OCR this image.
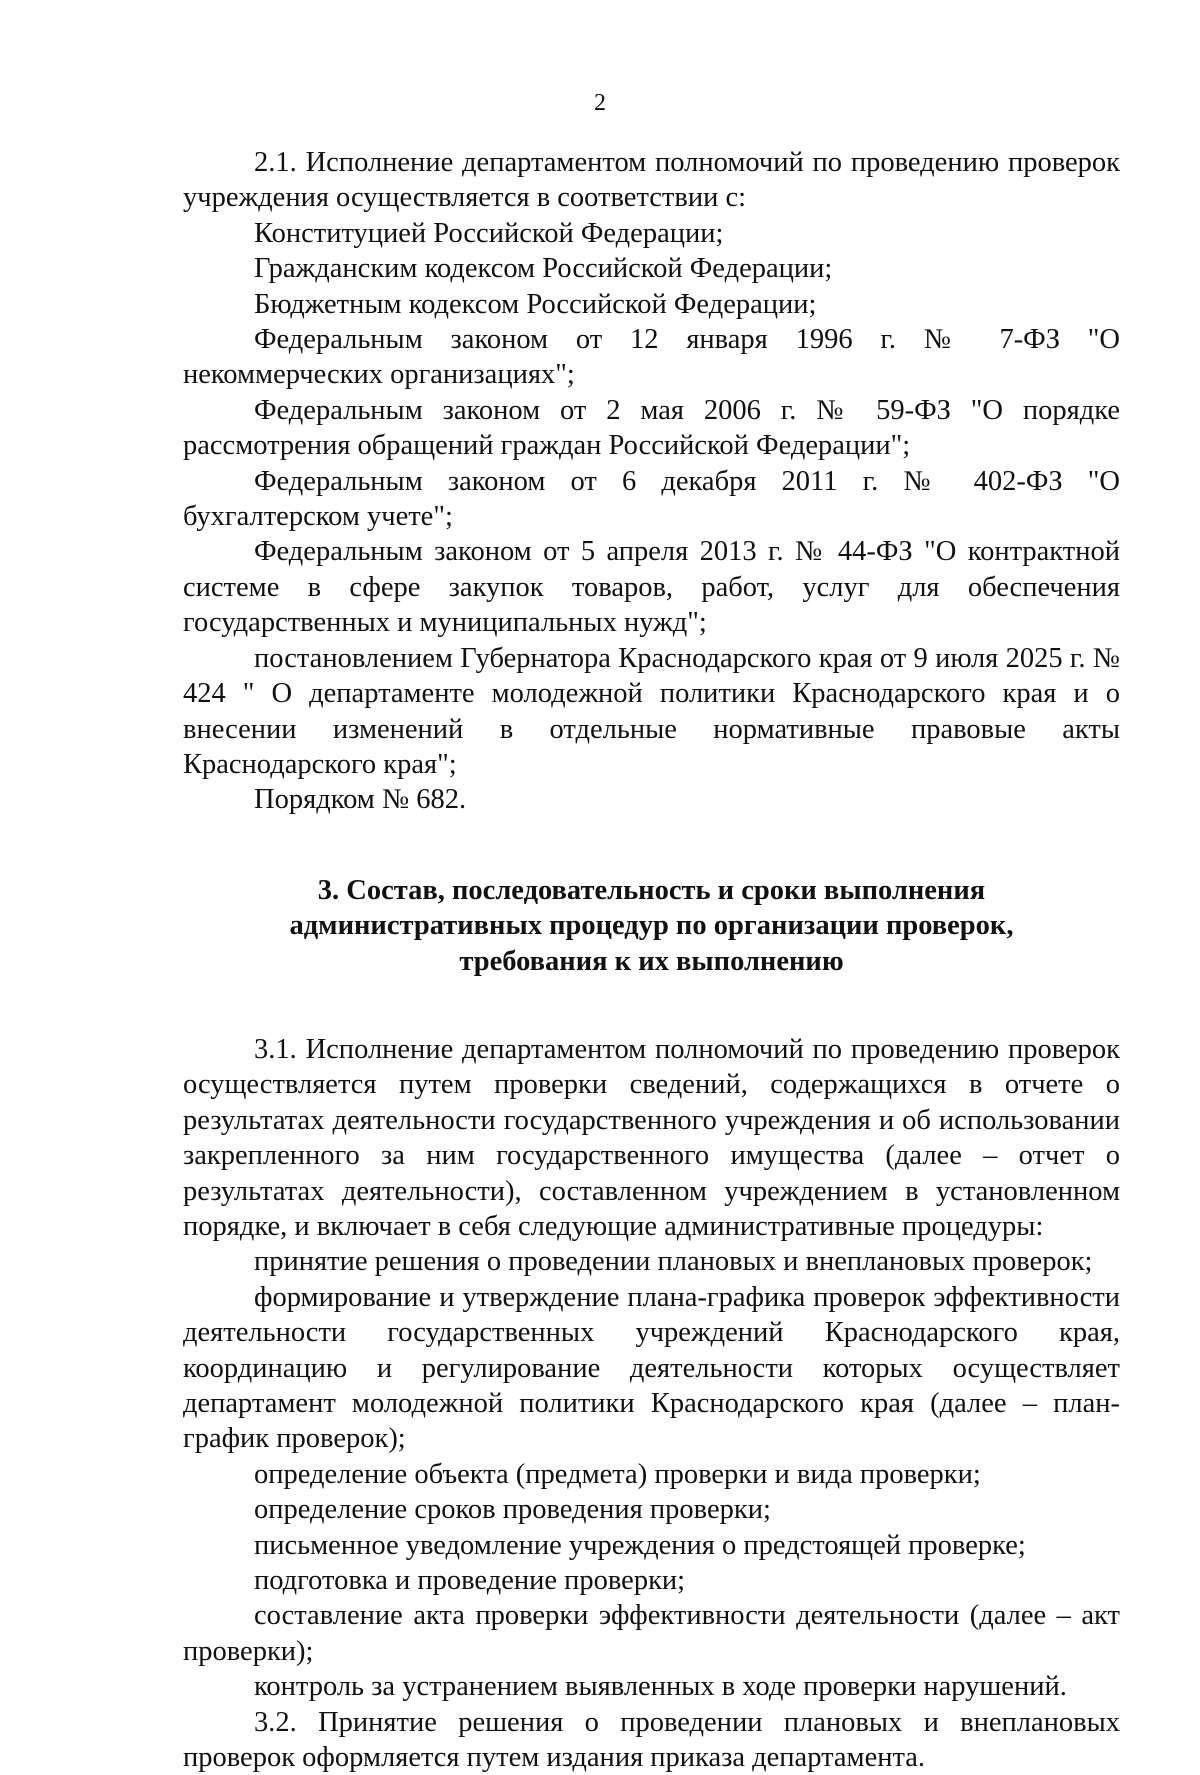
2

2.1. Исполнение департаментом полномочий по проведению проверок учреждения осуществляется в соответствии с:

Конституцией Российской Федерации;

Гражданским кодексом Российской Федерации;

Бюджетным кодексом Российской Федерации;

Федеральным законом от 12 января 1996 г. № 7-ФЗ "О некоммерческих организациях";

Федеральным законом от 2 мая 2006 г. № 59-ФЗ "О порядке рассмотрения обращений граждан Российской Федерации";

Федеральным законом от 6 декабря 2011 г. № 402-ФЗ "О бухгалтерском учете";

Федеральным законом от 5 апреля 2013 г. № 44-ФЗ "О контрактной системе в сфере закупок товаров, работ, услуг для обеспечения государственных и муниципальных нужд";

постановлением Губернатора Краснодарского края от 9 июля 2025 г. № 424 " О департаменте молодежной политики Краснодарского края и о внесении изменений в отдельные нормативные правовые акты Краснодарского края";

Порядком № 682.

3. Состав, последовательность и сроки выполнения
административных процедур по организации проверок,
требования к их выполнению

3.1. Исполнение департаментом полномочий по проведению проверок осуществляется путем проверки сведений, содержащихся в отчете о результатах деятельности государственного учреждения и об использовании закрепленного за ним государственного имущества (далее – отчет о результатах деятельности), составленном учреждением в установленном порядке, и включает в себя следующие административные процедуры:

принятие решения о проведении плановых и внеплановых проверок;

формирование и утверждение плана-графика проверок эффективности деятельности государственных учреждений Краснодарского края, координацию и регулирование деятельности которых осуществляет департамент молодежной политики Краснодарского края (далее – план-график проверок);

определение объекта (предмета) проверки и вида проверки;

определение сроков проведения проверки;

письменное уведомление учреждения о предстоящей проверке;

подготовка и проведение проверки;

составление акта проверки эффективности деятельности (далее – акт проверки);

контроль за устранением выявленных в ходе проверки нарушений.

3.2. Принятие решения о проведении плановых и внеплановых проверок оформляется путем издания приказа департамента.
